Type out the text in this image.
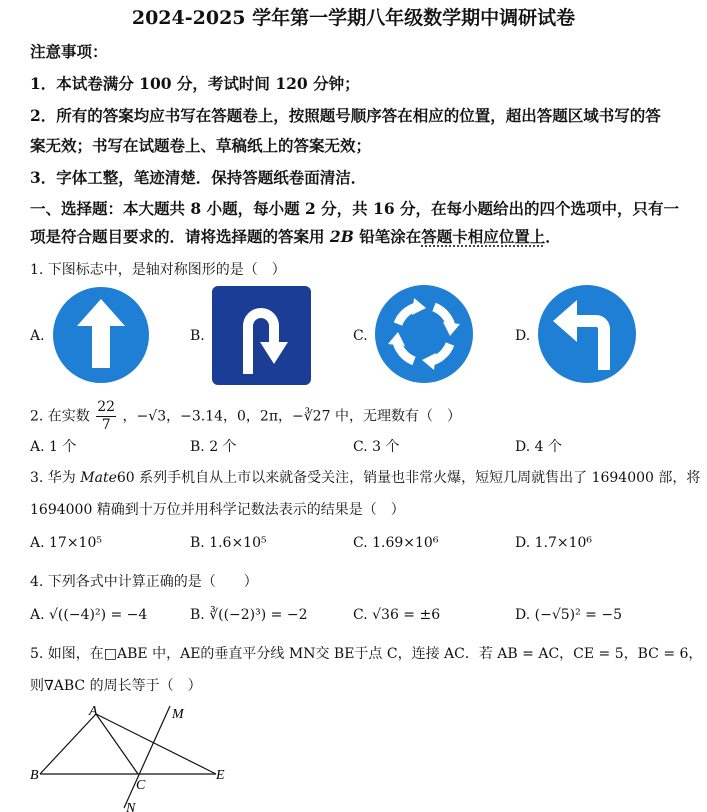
2024-2025 学年第一学期八年级数学期中调研试卷
注意事项：
1．本试卷满分 100 分，考试时间 120 分钟；
2．所有的答案均应书写在答题卷上，按照题号顺序答在相应的位置，超出答题区域书写的答
案无效；书写在试题卷上、草稿纸上的答案无效；
3．字体工整，笔迹清楚．保持答题纸卷面清洁．
一、选择题：本大题共 8 小题，每小题 2 分，共 16 分，在每小题给出的四个选项中，只有一
项是符合题目要求的．请将选择题的答案用 2B 铅笔涂在答题卡相应位置上．
1. 下图标志中，是轴对称图形的是（　）
A.	B.	C.	D.
2. 在实数 $\frac{22}{7}$ ，−√3，−3.14，0，2π，−∛27 中，无理数有（　）
A. 1 个	B. 2 个	C. 3 个	D. 4 个
3. 华为 Mate60 系列手机自从上市以来就备受关注，销量也非常火爆，短短几周就售出了 1694000 部，将
1694000 精确到十万位并用科学记数法表示的结果是（　）
A. 17×10⁵	B. 1.6×10⁵	C. 1.69×10⁶	D. 1.7×10⁶
4. 下列各式中计算正确的是（　　）
A. √((−4)²) = −4	B. ∛((−2)³) = −2	C. √36 = ±6	D. (−√5)² = −5
5. 如图，在□ABE 中，AE的垂直平分线 MN交 BE于点 C，连接 AC．若 AB = AC，CE = 5，BC = 6，
则∇ABC 的周长等于（　）
A
B
C
E
M
N
